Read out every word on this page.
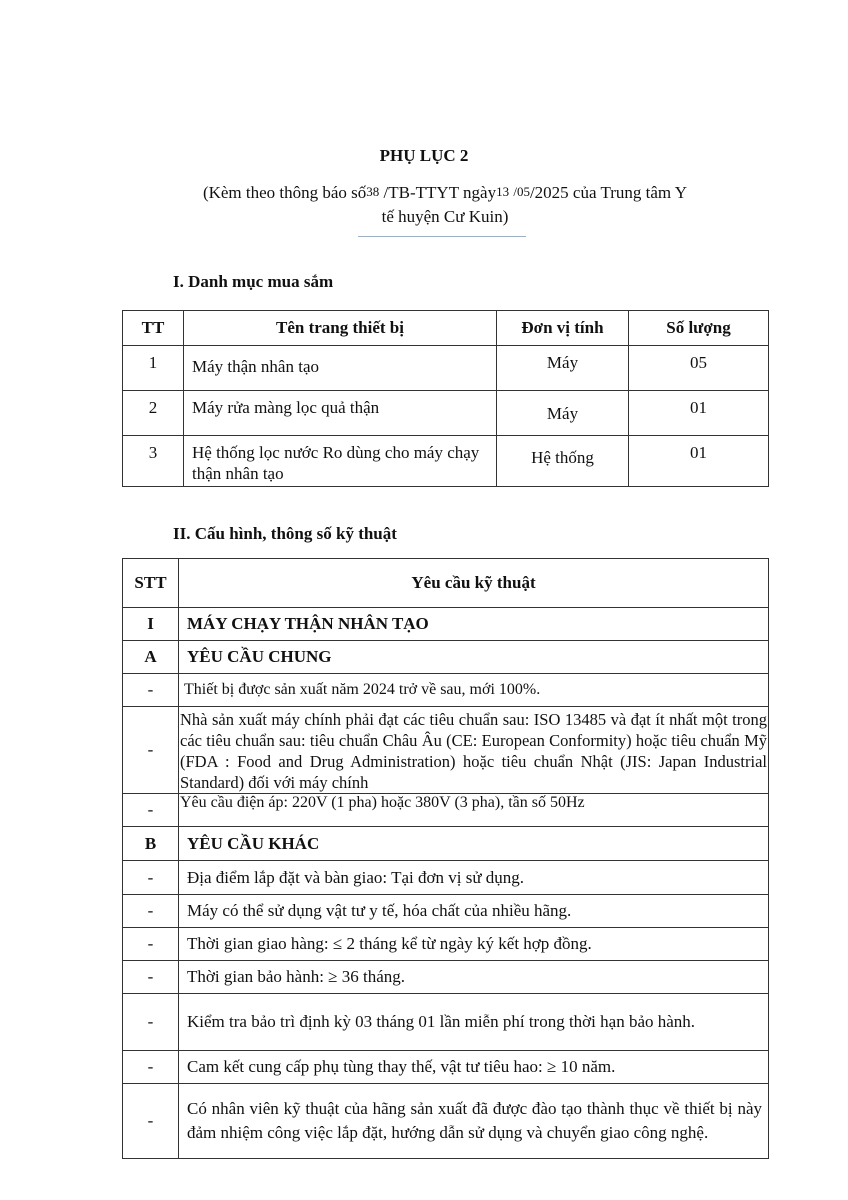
PHỤ LỤC 2
(Kèm theo thông báo số38 /TB-TTYT ngày13 /05/2025 của Trung tâm Y
tế huyện Cư Kuin)
I. Danh mục mua sắm
TT	Tên trang thiết bị	Đơn vị tính	Số lượng
1	Máy thận nhân tạo	Máy	05
2	Máy rửa màng lọc quả thận	Máy	01
3	Hệ thống lọc nước Ro dùng cho máy chạy thận nhân tạo	Hệ thống	01
II. Cấu hình, thông số kỹ thuật
STT	Yêu cầu kỹ thuật
I	MÁY CHẠY THẬN NHÂN TẠO
A	YÊU CẦU CHUNG
-	Thiết bị được sản xuất năm 2024 trở về sau, mới 100%.
-	Nhà sản xuất máy chính phải đạt các tiêu chuẩn sau: ISO 13485 và đạt ít nhất một trong các tiêu chuẩn sau: tiêu chuẩn Châu Âu (CE: European Conformity) hoặc tiêu chuẩn Mỹ (FDA : Food and Drug Administration) hoặc tiêu chuẩn Nhật (JIS: Japan Industrial Standard) đối với máy chính
-	Yêu cầu điện áp: 220V (1 pha) hoặc 380V (3 pha), tần số 50Hz
B	YÊU CẦU KHÁC
-	Địa điểm lắp đặt và bàn giao: Tại đơn vị sử dụng.
-	Máy có thể sử dụng vật tư y tế, hóa chất của nhiều hãng.
-	Thời gian giao hàng: ≤ 2 tháng kể từ ngày ký kết hợp đồng.
-	Thời gian bảo hành: ≥ 36 tháng.
-	Kiểm tra bảo trì định kỳ 03 tháng 01 lần miễn phí trong thời hạn bảo hành.
-	Cam kết cung cấp phụ tùng thay thế, vật tư tiêu hao: ≥ 10 năm.
-	Có nhân viên kỹ thuật của hãng sản xuất đã được đào tạo thành thục về thiết bị này đảm nhiệm công việc lắp đặt, hướng dẫn sử dụng và chuyển giao công nghệ.
